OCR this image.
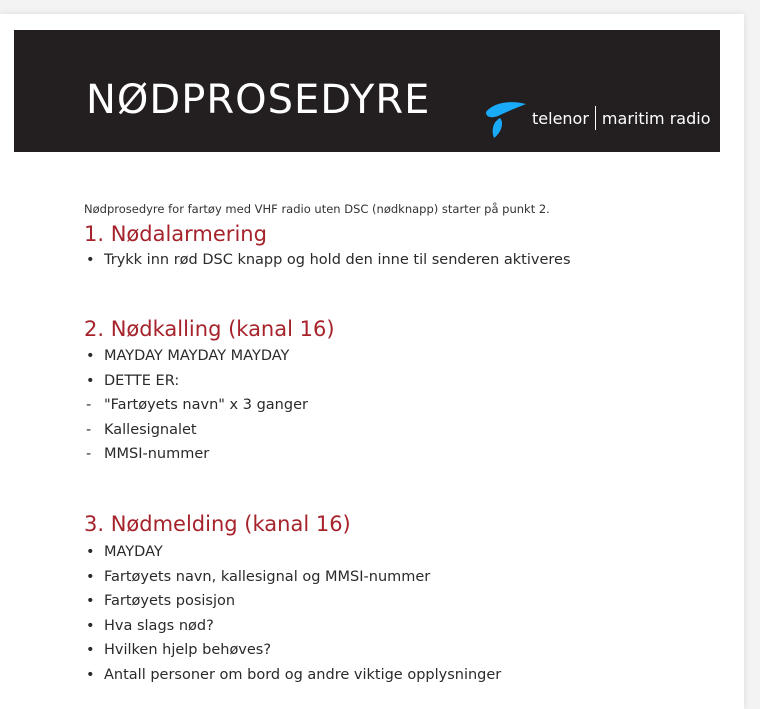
NØDPROSEDYRE	telenor maritim radio
Nødprosedyre for fartøy med VHF radio uten DSC (nødknapp) starter på punkt 2.
1. Nødalarmering
• Trykk inn rød DSC knapp og hold den inne til senderen aktiveres
2. Nødkalling (kanal 16)
• MAYDAY MAYDAY MAYDAY
• DETTE ER:
- "Fartøyets navn" x 3 ganger
- Kallesignalet
- MMSI-nummer
3. Nødmelding (kanal 16)
• MAYDAY
• Fartøyets navn, kallesignal og MMSI-nummer
• Fartøyets posisjon
• Hva slags nød?
• Hvilken hjelp behøves?
• Antall personer om bord og andre viktige opplysninger
